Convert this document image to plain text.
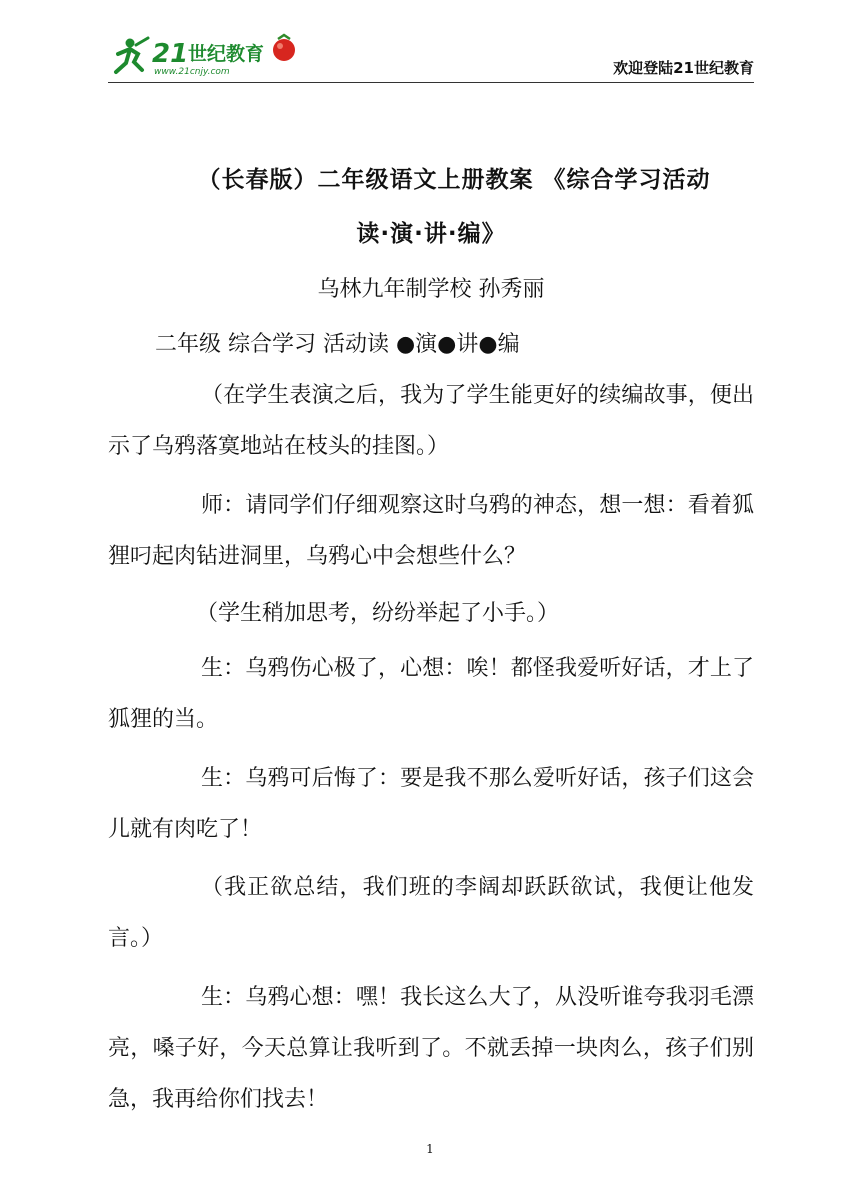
21 世纪教育
www.21cnjy.com	欢迎登陆21世纪教育
（长春版）二年级语文上册教案 《综合学习活动
读·演·讲·编》
乌林九年制学校 孙秀丽

二年级 综合学习 活动读 ●演●讲●编

（在学生表演之后，我为了学生能更好的续编故事，便出示了乌鸦落寞地站在枝头的挂图。）

师：请同学们仔细观察这时乌鸦的神态，想一想：看着狐狸叼起肉钻进洞里，乌鸦心中会想些什么？

（学生稍加思考，纷纷举起了小手。）

生：乌鸦伤心极了，心想：唉！都怪我爱听好话，才上了狐狸的当。

生：乌鸦可后悔了：要是我不那么爱听好话，孩子们这会儿就有肉吃了！

（我正欲总结，我们班的李阔却跃跃欲试，我便让他发言。）

生：乌鸦心想：嘿！我长这么大了，从没听谁夸我羽毛漂亮，嗓子好，今天总算让我听到了。不就丢掉一块肉么，孩子们别急，我再给你们找去！

1
